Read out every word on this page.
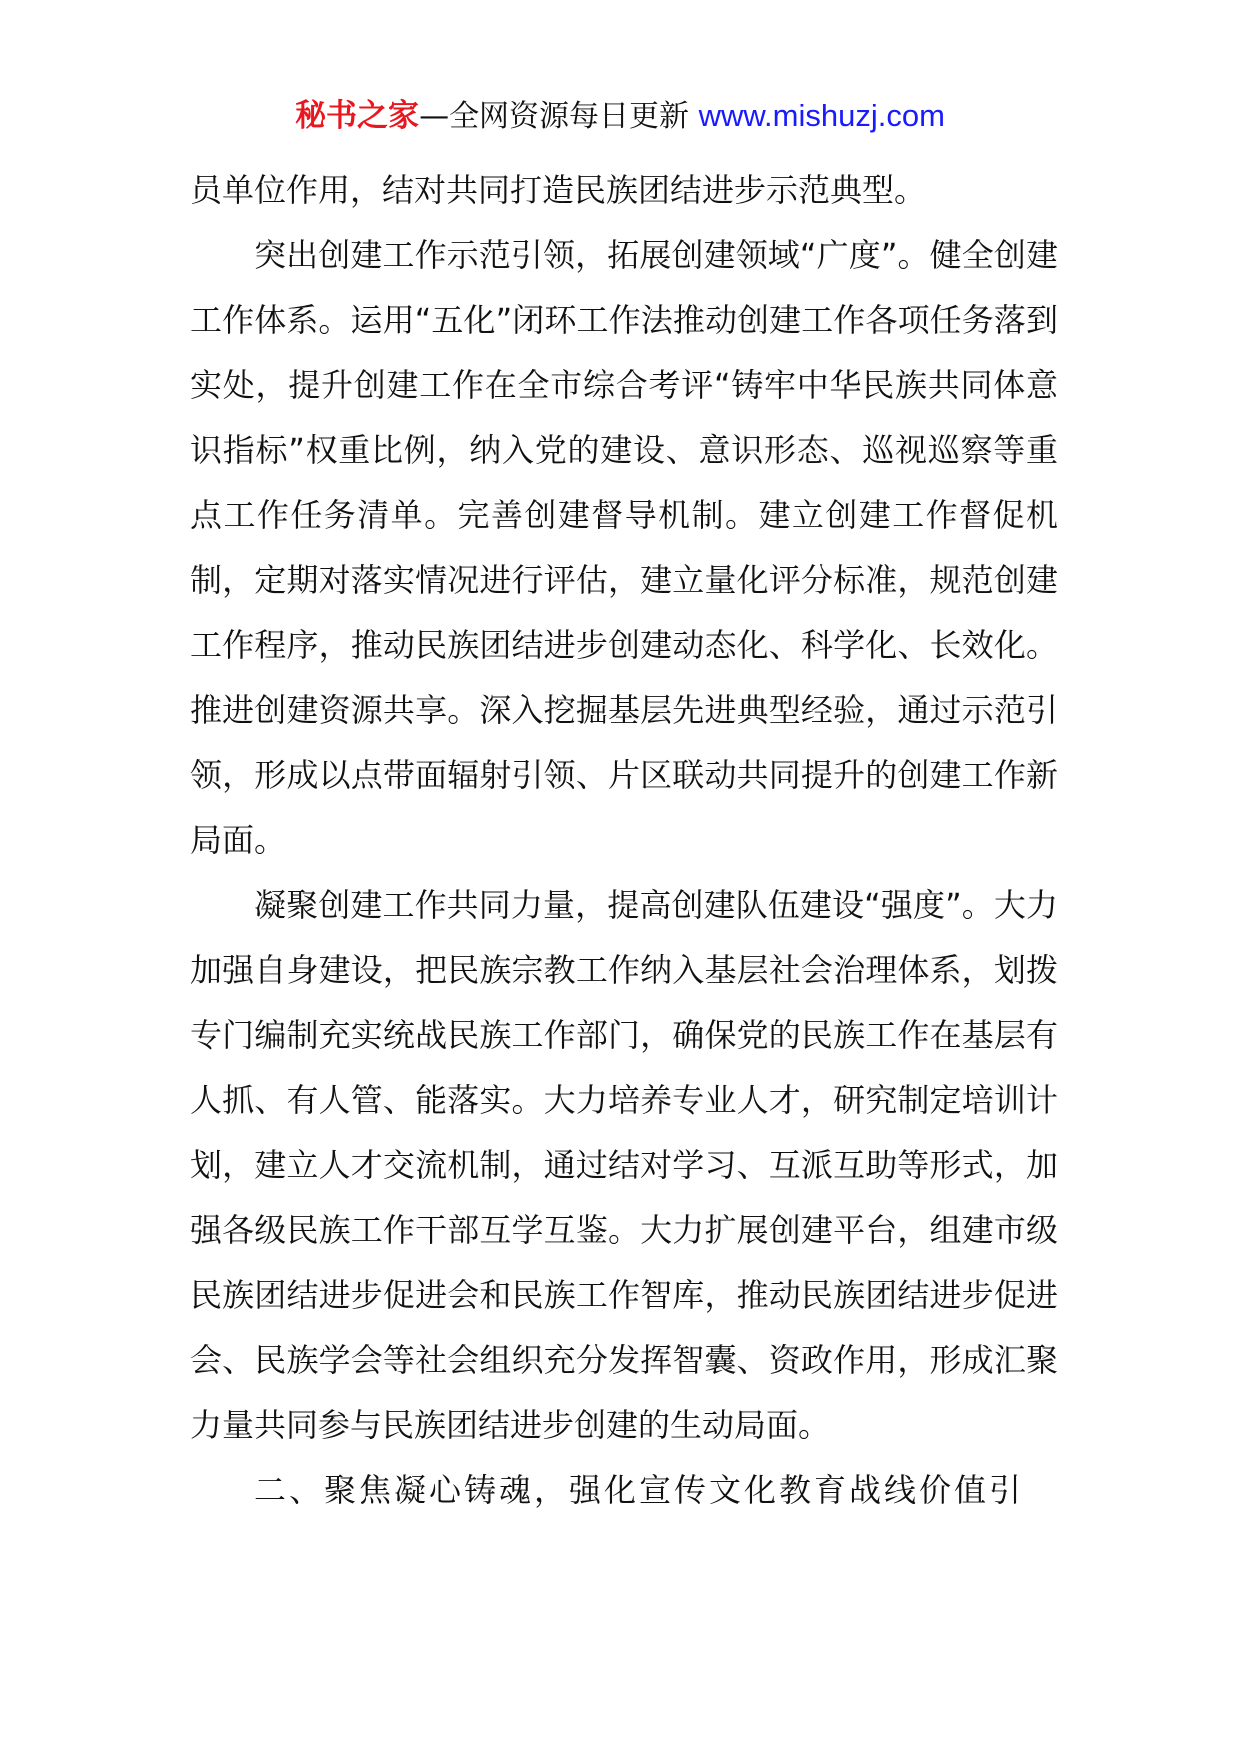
秘书之家—全网资源每日更新 www.mishuzj.com

员单位作用，结对共同打造民族团结进步示范典型。

突出创建工作示范引领，拓展创建领域“广度”。健全创建工作体系。运用“五化”闭环工作法推动创建工作各项任务落到实处，提升创建工作在全市综合考评“铸牢中华民族共同体意识指标”权重比例，纳入党的建设、意识形态、巡视巡察等重点工作任务清单。完善创建督导机制。建立创建工作督促机制，定期对落实情况进行评估，建立量化评分标准，规范创建工作程序，推动民族团结进步创建动态化、科学化、长效化。推进创建资源共享。深入挖掘基层先进典型经验，通过示范引领，形成以点带面辐射引领、片区联动共同提升的创建工作新局面。

凝聚创建工作共同力量，提高创建队伍建设“强度”。大力加强自身建设，把民族宗教工作纳入基层社会治理体系，划拨专门编制充实统战民族工作部门，确保党的民族工作在基层有人抓、有人管、能落实。大力培养专业人才，研究制定培训计划，建立人才交流机制，通过结对学习、互派互助等形式，加强各级民族工作干部互学互鉴。大力扩展创建平台，组建市级民族团结进步促进会和民族工作智库，推动民族团结进步促进会、民族学会等社会组织充分发挥智囊、资政作用，形成汇聚力量共同参与民族团结进步创建的生动局面。

二、聚焦凝心铸魂，强化宣传文化教育战线价值引
